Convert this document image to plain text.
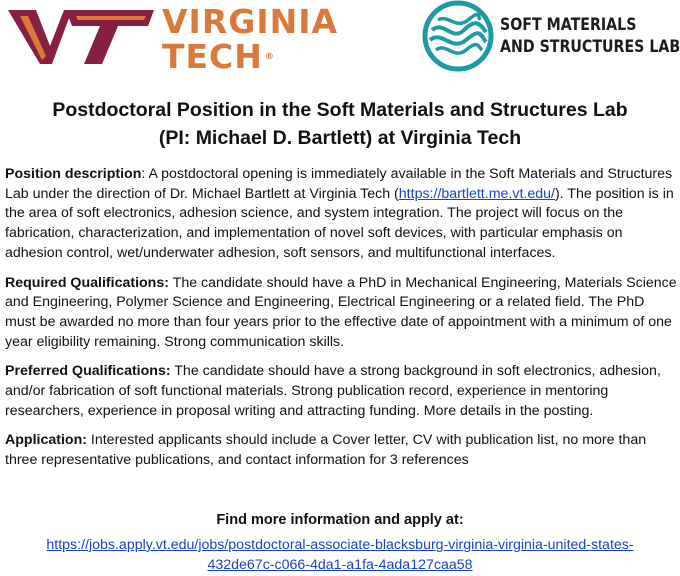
VIRGINIA
TECH ®
SOFT MATERIALS
AND STRUCTURES LAB
Postdoctoral Position in the Soft Materials and Structures Lab
(PI: Michael D. Bartlett) at Virginia Tech

Position description: A postdoctoral opening is immediately available in the Soft Materials and Structures Lab under the direction of Dr. Michael Bartlett at Virginia Tech (https://bartlett.me.vt.edu/). The position is in the area of soft electronics, adhesion science, and system integration. The project will focus on the fabrication, characterization, and implementation of novel soft devices, with particular emphasis on adhesion control, wet/underwater adhesion, soft sensors, and multifunctional interfaces.

Required Qualifications: The candidate should have a PhD in Mechanical Engineering, Materials Science and Engineering, Polymer Science and Engineering, Electrical Engineering or a related field. The PhD must be awarded no more than four years prior to the effective date of appointment with a minimum of one year eligibility remaining. Strong communication skills.

Preferred Qualifications: The candidate should have a strong background in soft electronics, adhesion, and/or fabrication of soft functional materials. Strong publication record, experience in mentoring researchers, experience in proposal writing and attracting funding. More details in the posting.

Application: Interested applicants should include a Cover letter, CV with publication list, no more than three representative publications, and contact information for 3 references

Find more information and apply at:
https://jobs.apply.vt.edu/jobs/postdoctoral-associate-blacksburg-virginia-virginia-united-states-
432de67c-c066-4da1-a1fa-4ada127caa58
